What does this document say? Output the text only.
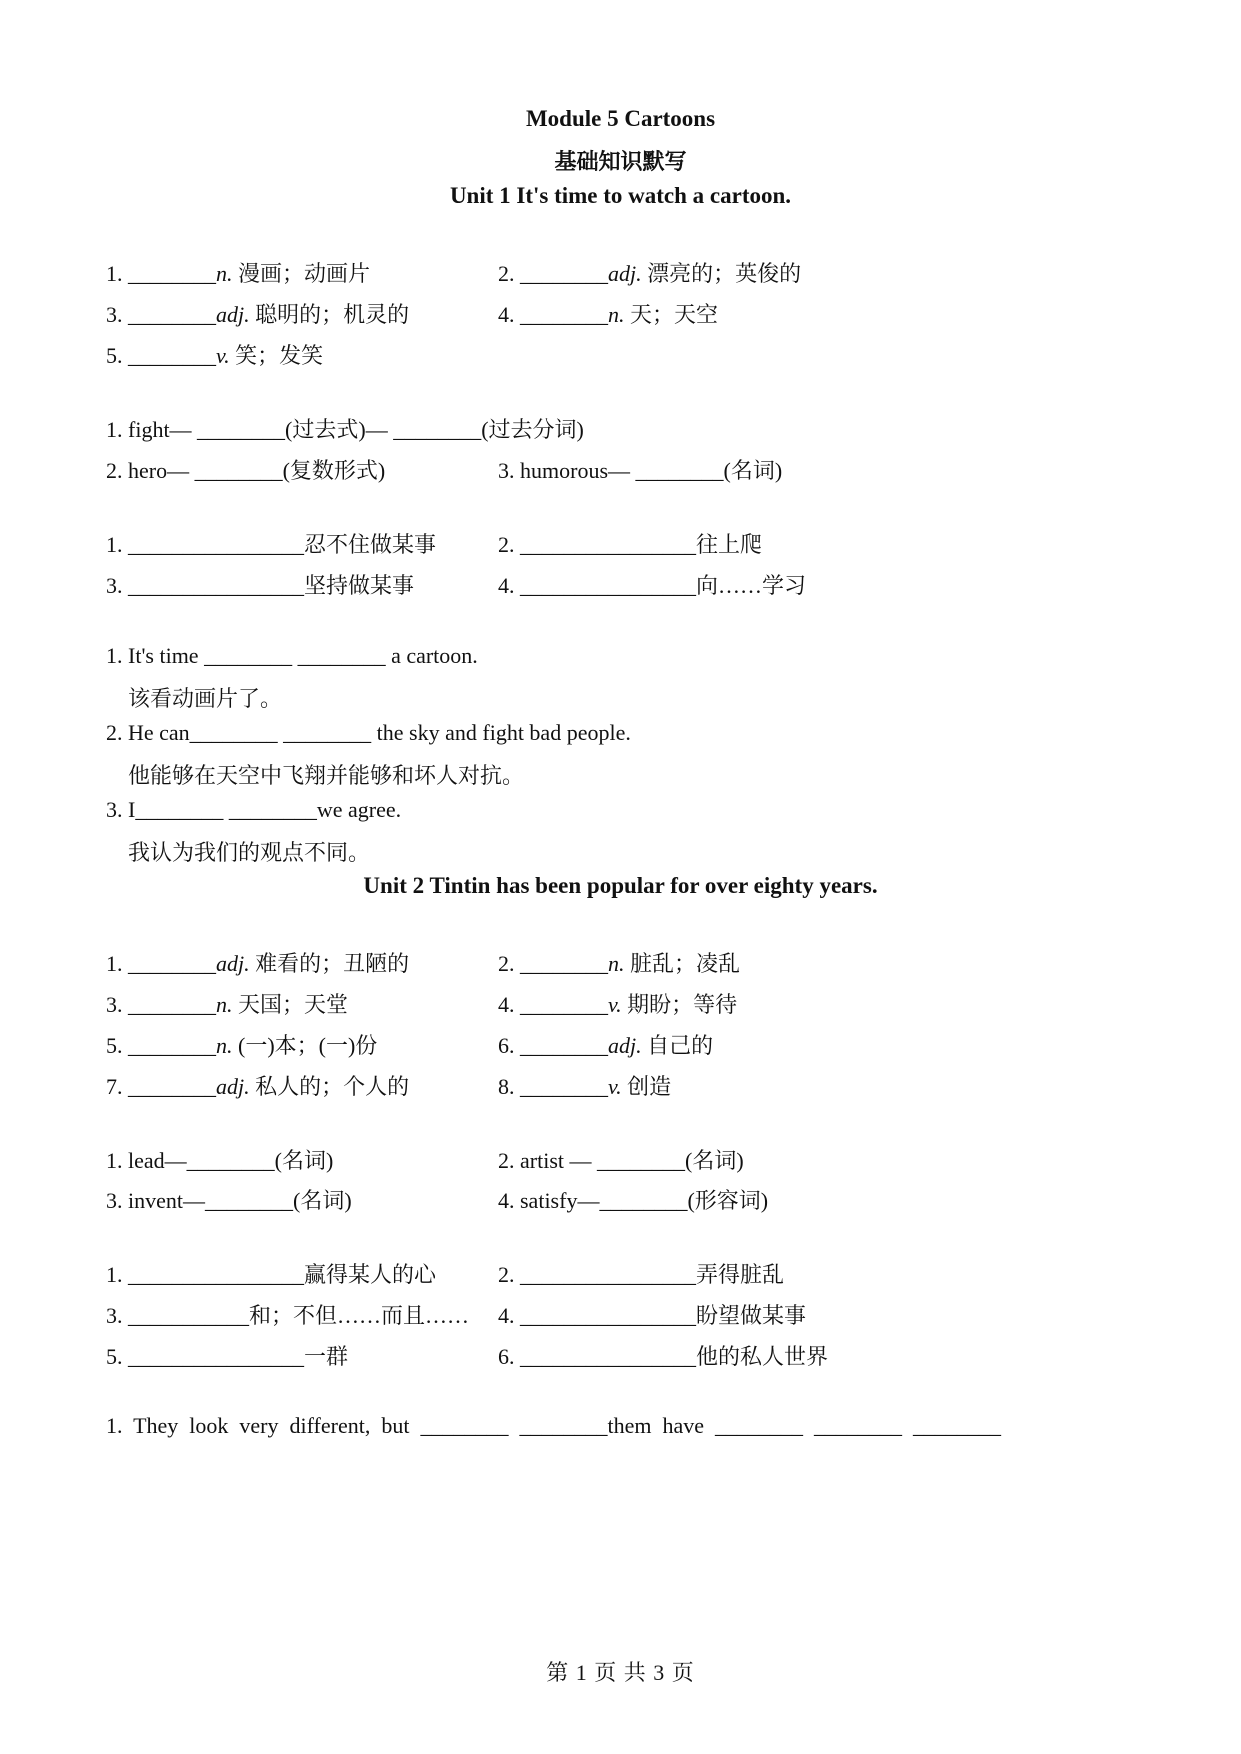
Module 5 Cartoons
基础知识默写
Unit 1 It's time to watch a cartoon.
1. ________n. 漫画；动画片	2. ________adj. 漂亮的；英俊的
3. ________adj. 聪明的；机灵的	4. ________n. 天；天空
5. ________v. 笑；发笑
1. fight— ________(过去式)— ________(过去分词)
2. hero— ________(复数形式)	3. humorous— ________(名词)
1. ________________忍不住做某事	2. ________________往上爬
3. ________________坚持做某事	4. ________________向……学习
1. It's time ________ ________ a cartoon.
该看动画片了。
2. He can________ ________ the sky and fight bad people.
他能够在天空中飞翔并能够和坏人对抗。
3. I________ ________we agree.
我认为我们的观点不同。
Unit 2 Tintin has been popular for over eighty years.
1. ________adj. 难看的；丑陋的	2. ________n. 脏乱；凌乱
3. ________n. 天国；天堂	4. ________v. 期盼；等待
5. ________n. (一)本；(一)份	6. ________adj. 自己的
7. ________adj. 私人的；个人的	8. ________v. 创造
1. lead—________(名词)	2. artist — ________(名词)
3. invent—________(名词)	4. satisfy—________(形容词)
1. ________________赢得某人的心	2. ________________弄得脏乱
3. ___________和；不但……而且…… 4. ________________盼望做某事
5. ________________一群	6. ________________他的私人世界
1.  They  look  very  different,  but  ________  ________them  have  ________  ________  ________
第 1 页 共 3 页
